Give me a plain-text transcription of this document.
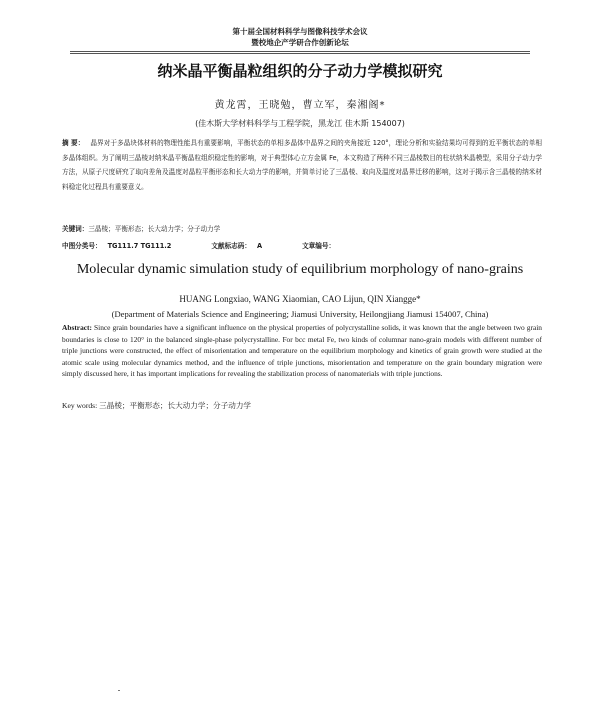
第十届全国材料科学与图像科技学术会议
暨校地企产学研合作创新论坛
纳米晶平衡晶粒组织的分子动力学模拟研究
黄龙霄，王晓勉，曹立军，秦湘阁*
(佳木斯大学材料科学与工程学院，黑龙江 佳木斯 154007)
摘 要： 晶界对于多晶块体材料的物理性能具有重要影响，平衡状态的单相多晶体中晶界之间的夹角接近 120°，理论分析和实验结果均可得到的近平衡状态的单相多晶体组织。为了阐明三晶棱对纳米晶平衡晶粒组织稳定性的影响，对于典型体心立方金属 Fe，本文构造了两种不同三晶棱数目的柱状纳米晶模型，采用分子动力学方法，从原子尺度研究了取向差角及温度对晶粒平衡形态和长大动力学的影响，并简单讨论了三晶棱、取向及温度对晶界迁移的影响，这对于揭示含三晶棱的纳米材料稳定化过程具有重要意义。
关键词：三晶棱；平衡形态；长大动力学；分子动力学
中图分类号： TG111.7 TG111.2	文献标志码： A	文章编号：
Molecular dynamic simulation study of equilibrium morphology of nano-grains
HUANG Longxiao, WANG Xiaomian, CAO Lijun, QIN Xiangge*
(Department of Materials Science and Engineering; Jiamusi University, Heilongjiang Jiamusi 154007, China)
Abstract: Since grain boundaries have a significant influence on the physical properties of polycrystalline solids, it was known that the angle between two grain boundaries is close to 120° in the balanced single-phase polycrystalline. For bcc metal Fe, two kinds of columnar nano-grain models with different number of triple junctions were constructed, the effect of misorientation and temperature on the equilibrium morphology and kinetics of grain growth were studied at the atomic scale using molecular dynamics method, and the influence of triple junctions, misorientation and temperature on the grain boundary migration were simply discussed here, it has important implications for revealing the stabilization process of nanomaterials with triple junctions.
Key words: 三晶棱；平衡形态；长大动力学；分子动力学
